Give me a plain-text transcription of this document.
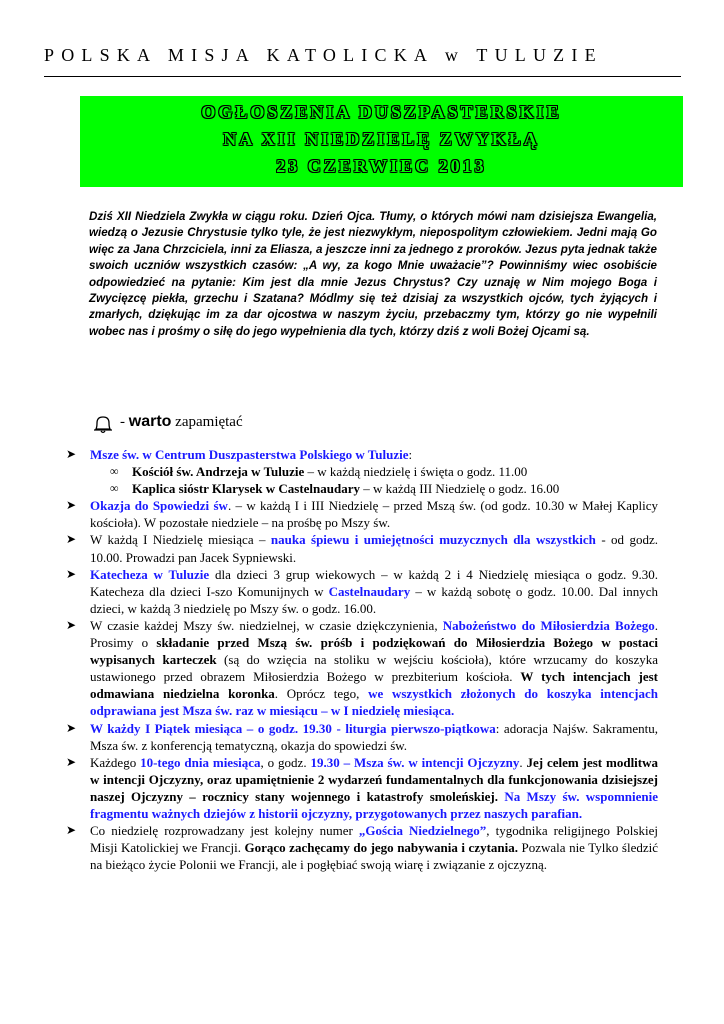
POLSKA MISJA KATOLICKA w TULUZIE
OGŁOSZENIA DUSZPASTERSKIE
NA XII NIEDZIELĘ ZWYKŁĄ
23 CZERWIEC 2013
Dziś XII Niedziela Zwykła w ciągu roku. Dzień Ojca. Tłumy, o których mówi nam dzisiejsza Ewangelia, wiedzą o Jezusie Chrystusie tylko tyle, że jest niezwykłym, niepospolitym człowiekiem. Jedni mają Go więc za Jana Chrzciciela, inni za Eliasza, a jeszcze inni za jednego z proroków. Jezus pyta jednak także swoich uczniów wszystkich czasów: „A wy, za kogo Mnie uważacie”? Powinniśmy wiec osobiście odpowiedzieć na pytanie: Kim jest dla mnie Jezus Chrystus? Czy uznaję w Nim mojego Boga i Zwycięzcę piekła, grzechu i Szatana? Módlmy się też dzisiaj za wszystkich ojców, tych żyjących i zmarłych, dziękując im za dar ojcostwa w naszym życiu, przebaczmy tym, którzy go nie wypełnili wobec nas i prośmy o siłę do jego wypełnienia dla tych, którzy dziś z woli Bożej Ojcami są.
- warto zapamiętać
➤	Msze św. w Centrum Duszpasterstwa Polskiego w Tuluzie:
∞ Kościół św. Andrzeja w Tuluzie – w każdą niedzielę i święta o godz. 11.00
∞ Kaplica sióstr Klarysek w Castelnaudary – w każdą III Niedzielę o godz. 16.00
➤	Okazja do Spowiedzi św. – w każdą I i III Niedzielę – przed Mszą św. (od godz. 10.30 w Małej Kaplicy kościoła). W pozostałe niedziele – na prośbę po Mszy św.
➤	W każdą I Niedzielę miesiąca – nauka śpiewu i umiejętności muzycznych dla wszystkich - od godz. 10.00. Prowadzi pan Jacek Sypniewski.
➤	Katecheza w Tuluzie dla dzieci 3 grup wiekowych – w każdą 2 i 4 Niedzielę miesiąca o godz. 9.30. Katecheza dla dzieci I-szo Komunijnych w Castelnaudary – w każdą sobotę o godz. 10.00. Dal innych dzieci, w każdą 3 niedzielę po Mszy św. o godz. 16.00.
➤	W czasie każdej Mszy św. niedzielnej, w czasie dziękczynienia, Nabożeństwo do Miłosierdzia Bożego. Prosimy o składanie przed Mszą św. próśb i podziękowań do Miłosierdzia Bożego w postaci wypisanych karteczek (są do wzięcia na stoliku w wejściu kościoła), które wrzucamy do koszyka ustawionego przed obrazem Miłosierdzia Bożego w prezbiterium kościoła. W tych intencjach jest odmawiana niedzielna koronka. Oprócz tego, we wszystkich złożonych do koszyka intencjach odprawiana jest Msza św. raz w miesiącu – w I niedzielę miesiąca.
➤	W każdy I Piątek miesiąca – o godz. 19.30 - liturgia pierwszo-piątkowa: adoracja Najśw. Sakramentu, Msza św. z konferencją tematyczną, okazja do spowiedzi św.
➤	Każdego 10-tego dnia miesiąca, o godz. 19.30 – Msza św. w intencji Ojczyzny. Jej celem jest modlitwa w intencji Ojczyzny, oraz upamiętnienie 2 wydarzeń fundamentalnych dla funkcjonowania dzisiejszej naszej Ojczyzny – rocznicy stany wojennego i katastrofy smoleńskiej. Na Mszy św. wspomnienie fragmentu ważnych dziejów z historii ojczyzny, przygotowanych przez naszych parafian.
➤	Co niedzielę rozprowadzany jest kolejny numer „Gościa Niedzielnego”, tygodnika religijnego Polskiej Misji Katolickiej we Francji. Gorąco zachęcamy do jego nabywania i czytania. Pozwala nie Tylko śledzić na bieżąco życie Polonii we Francji, ale i pogłębiać swoją wiarę i związanie z ojczyzną.
